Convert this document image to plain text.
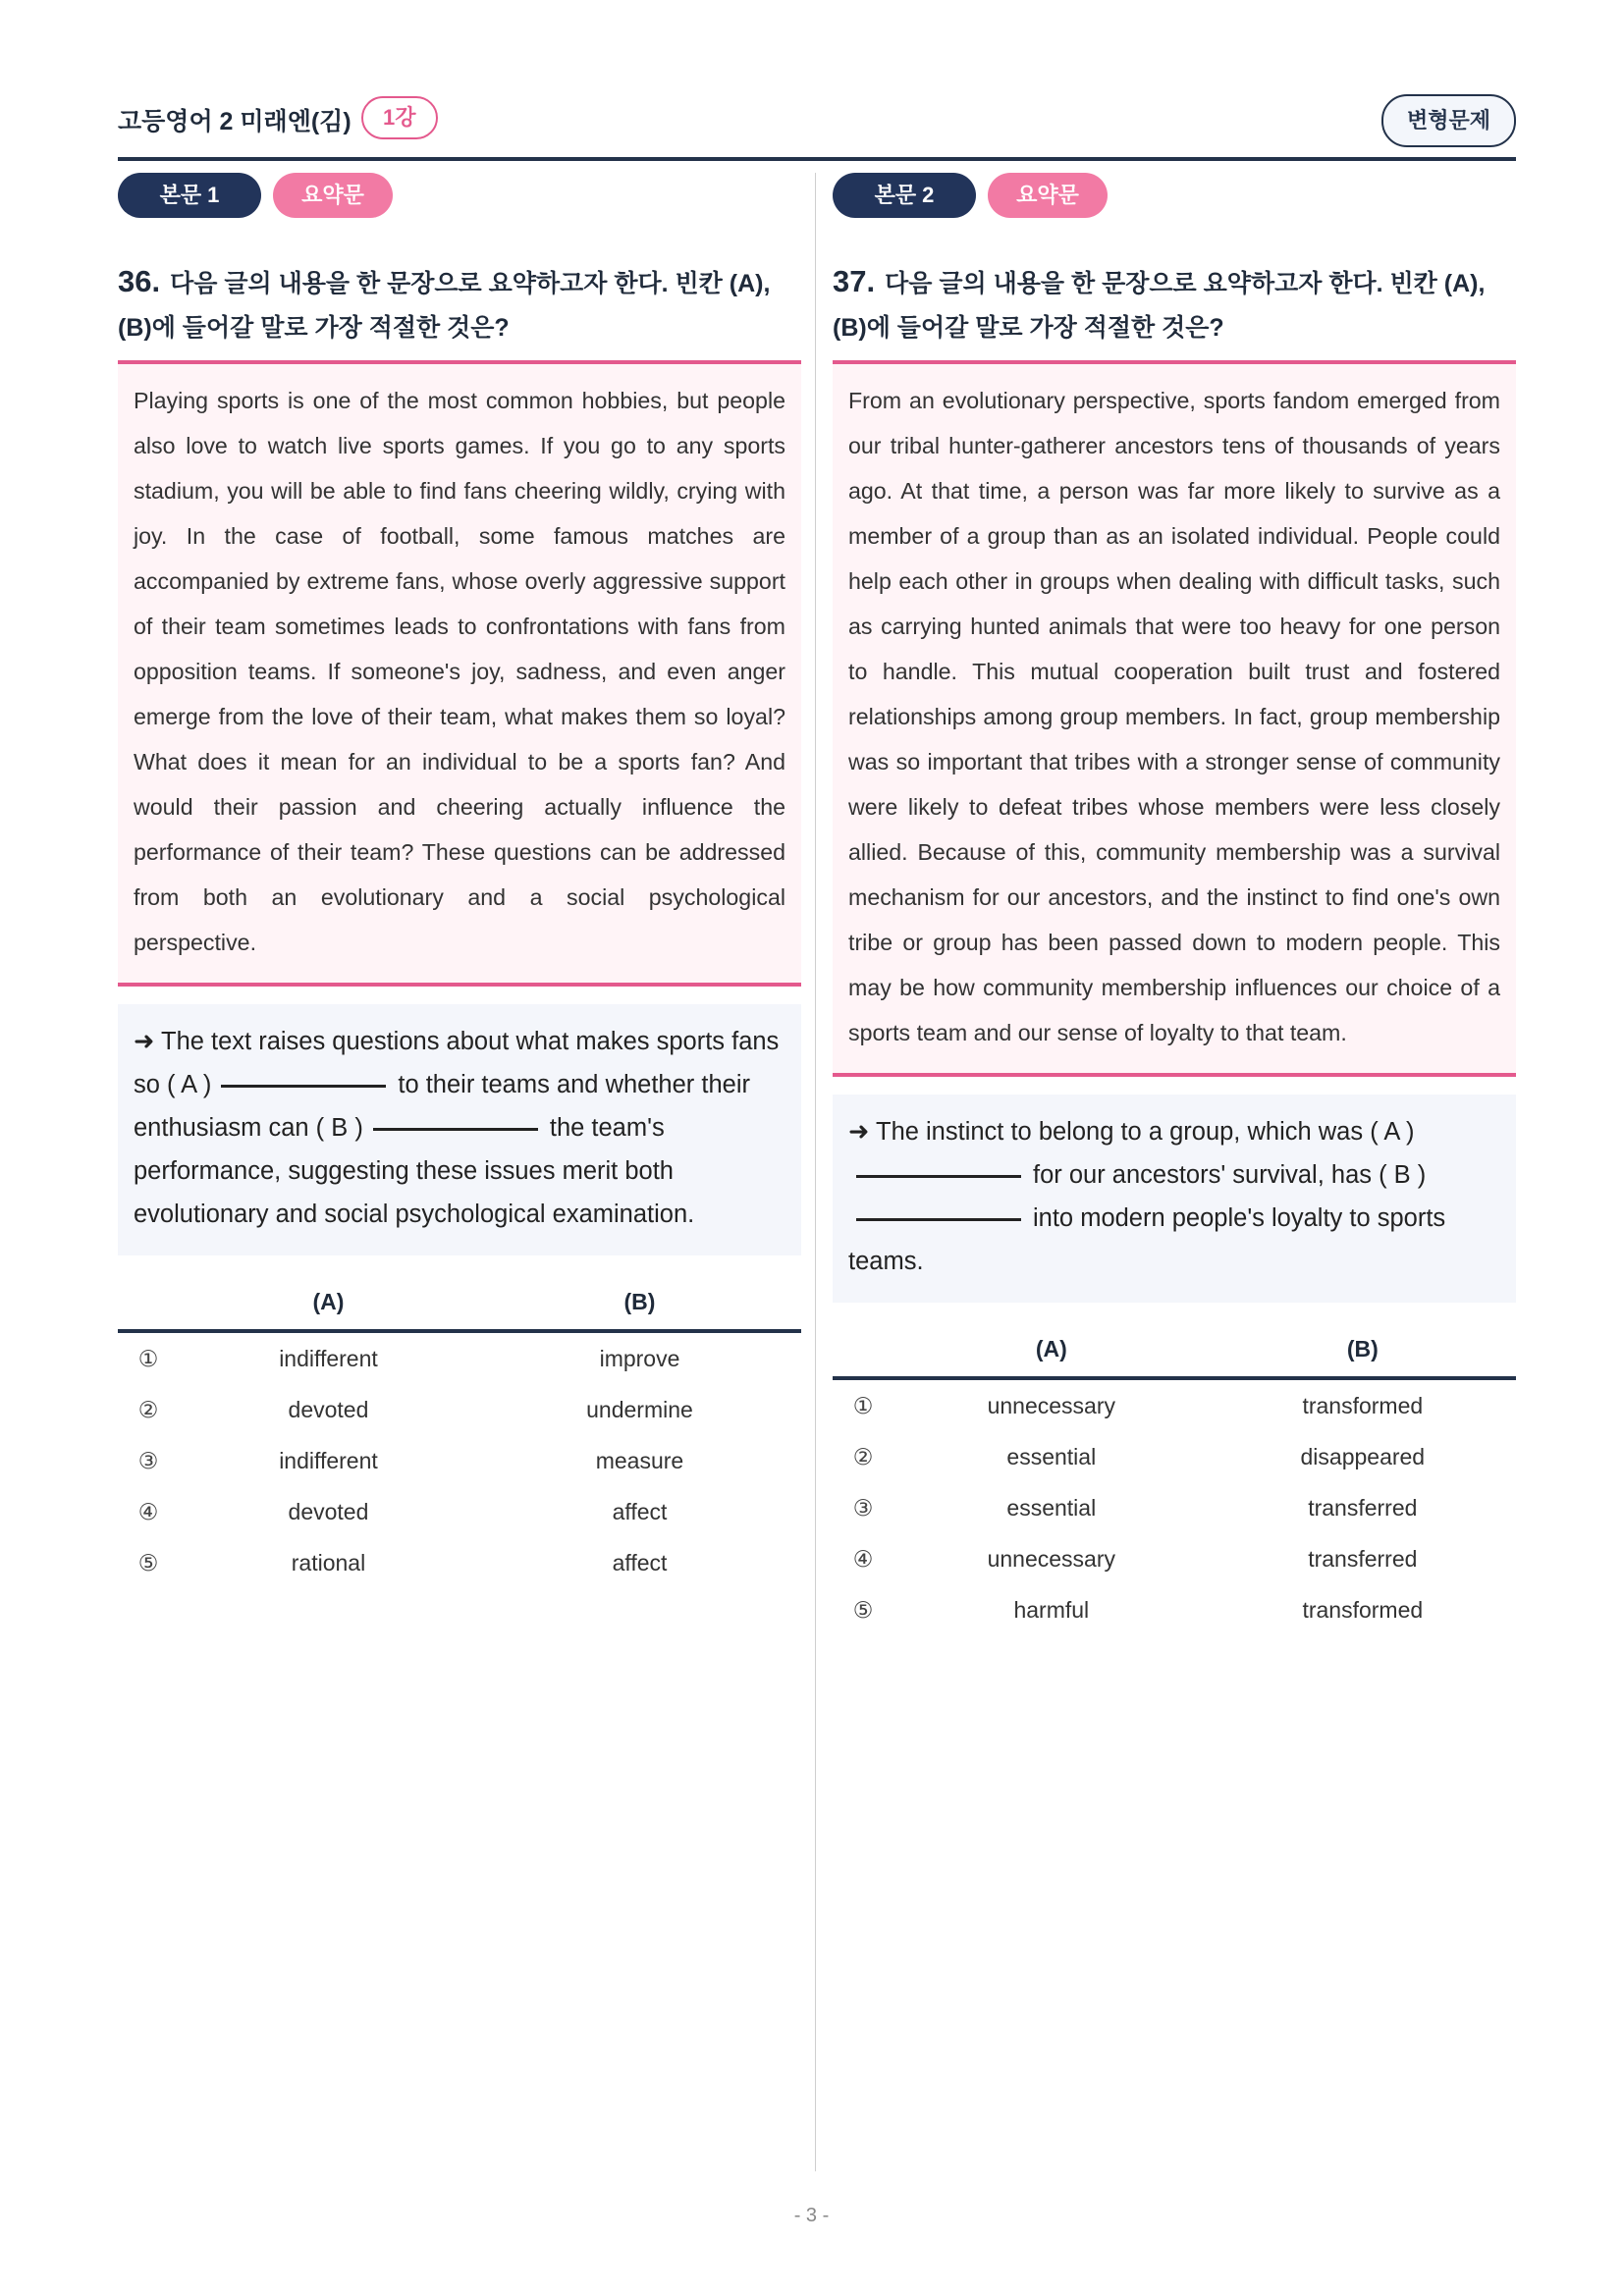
고등영어 2 미래엔(김)	1강	변형문제
본문 1	요약문
36. 다음 글의 내용을 한 문장으로 요약하고자 한다. 빈칸 (A), (B)에 들어갈 말로 가장 적절한 것은?
Playing sports is one of the most common hobbies, but people also love to watch live sports games. If you go to any sports stadium, you will be able to find fans cheering wildly, crying with joy. In the case of football, some famous matches are accompanied by extreme fans, whose overly aggressive support of their team sometimes leads to confrontations with fans from opposition teams. If someone's joy, sadness, and even anger emerge from the love of their team, what makes them so loyal? What does it mean for an individual to be a sports fan? And would their passion and cheering actually influence the performance of their team? These questions can be addressed from both an evolutionary and a social psychological perspective.
➜ The text raises questions about what makes sports fans so ( A )	to their teams and whether their enthusiasm can ( B )	the team's performance, suggesting these issues merit both evolutionary and social psychological examination.
	(A)	(B)
①	indifferent	improve
②	devoted	undermine
③	indifferent	measure
④	devoted	affect
⑤	rational	affect
본문 2	요약문
37. 다음 글의 내용을 한 문장으로 요약하고자 한다. 빈칸 (A), (B)에 들어갈 말로 가장 적절한 것은?
From an evolutionary perspective, sports fandom emerged from our tribal hunter-gatherer ancestors tens of thousands of years ago. At that time, a person was far more likely to survive as a member of a group than as an isolated individual. People could help each other in groups when dealing with difficult tasks, such as carrying hunted animals that were too heavy for one person to handle. This mutual cooperation built trust and fostered relationships among group members. In fact, group membership was so important that tribes with a stronger sense of community were likely to defeat tribes whose members were less closely allied. Because of this, community membership was a survival mechanism for our ancestors, and the instinct to find one's own tribe or group has been passed down to modern people. This may be how community membership influences our choice of a sports team and our sense of loyalty to that team.
➜ The instinct to belong to a group, which was ( A )
for our ancestors' survival, has ( B )
into modern people's loyalty to sports teams.
	(A)	(B)
①	unnecessary	transformed
②	essential	disappeared
③	essential	transferred
④	unnecessary	transferred
⑤	harmful	transformed
- 3 -
